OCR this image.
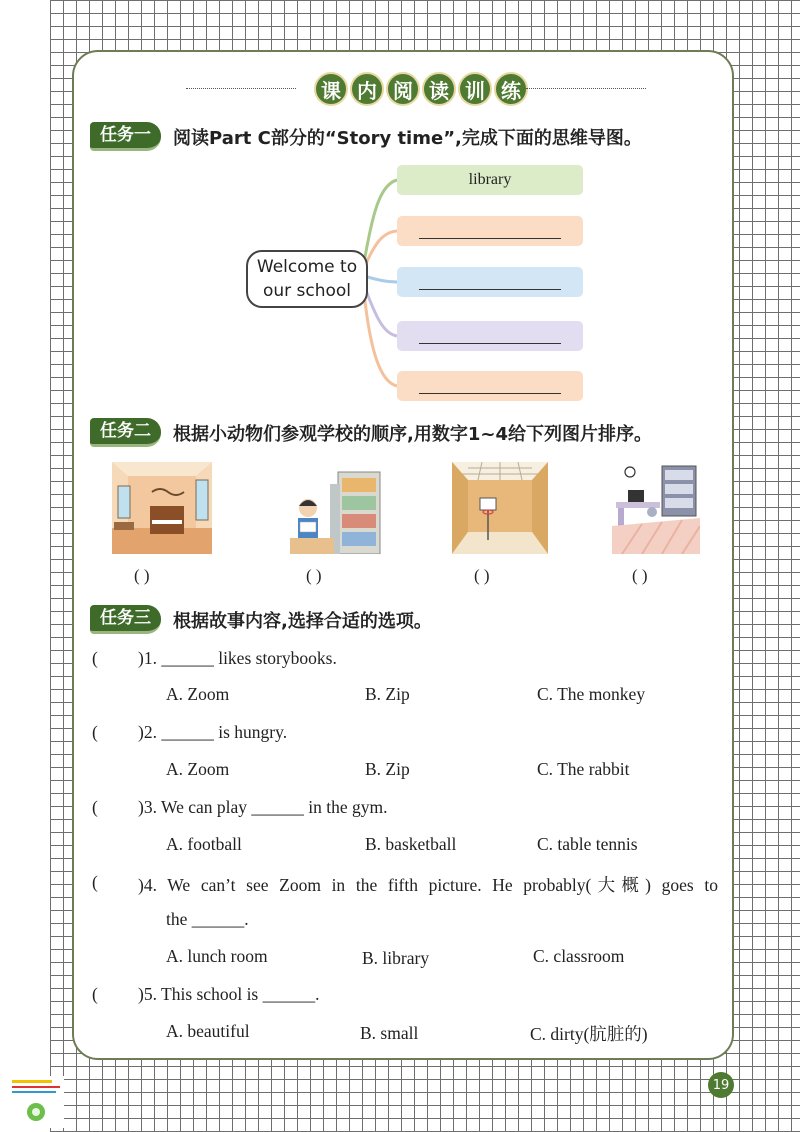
课 内 阅 读 训 练
任务一	阅读Part C部分的“Story time”,完成下面的思维导图。
Welcome to
our school
library
任务二	根据小动物们参观学校的顺序,用数字1~4给下列图片排序。
( )	( )	( )	( )
任务三	根据故事内容,选择合适的选项。
( )1. ______ likes storybooks.
A. Zoom	B. Zip	C. The monkey
( )2. ______ is hungry.
A. Zoom	B. Zip	C. The rabbit
( )3. We can play ______ in the gym.
A. football	B. basketball	C. table tennis
( )4. We can’t see Zoom in the fifth picture. He probably(大概) goes to
the ______.
A. lunch room	B. library	C. classroom
( )5. This school is ______.
A. beautiful	B. small	C. dirty(肮脏的)
19
